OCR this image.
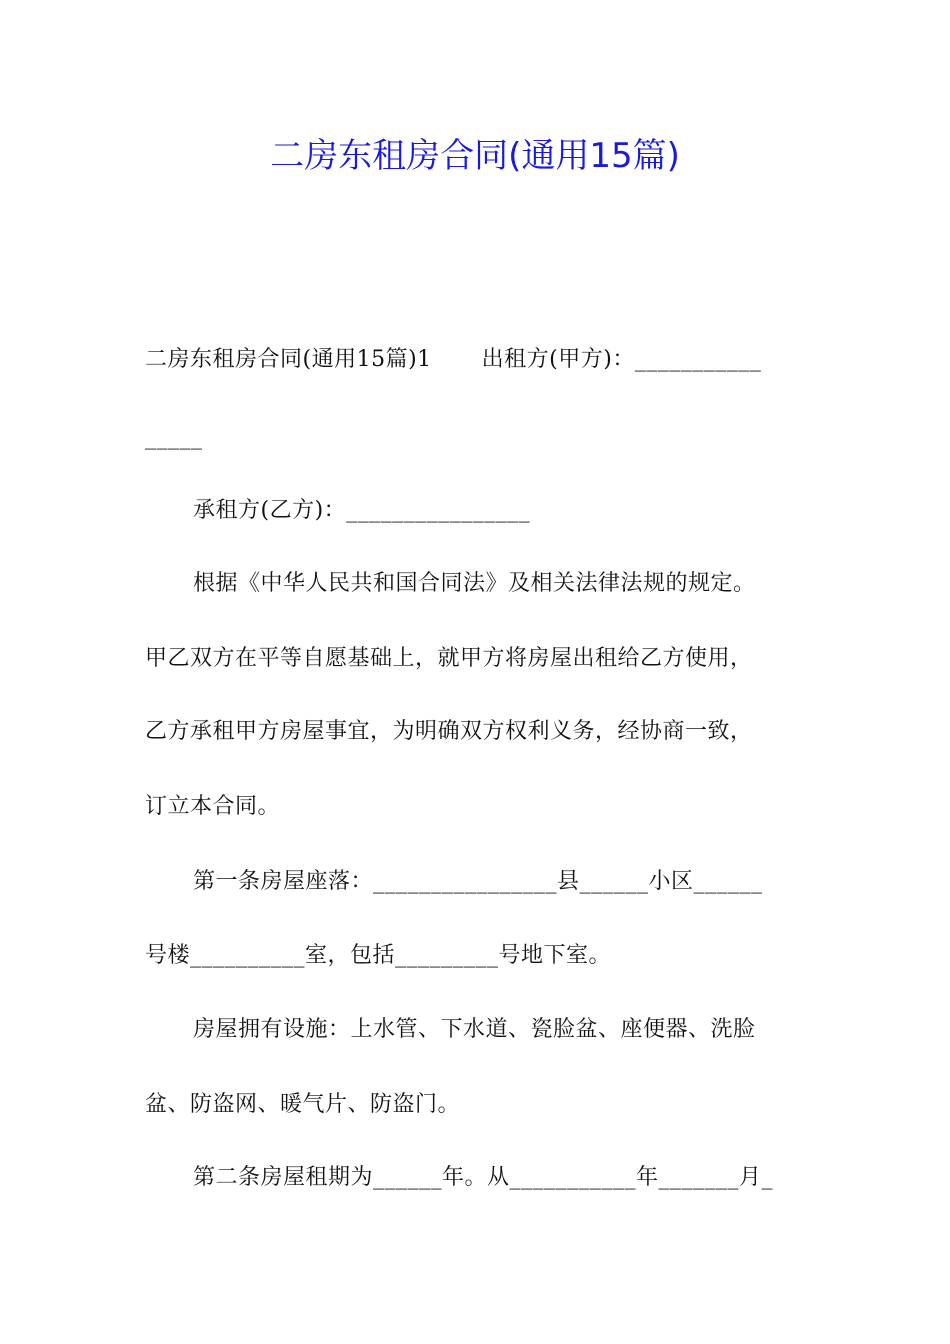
二房东租房合同(通用15篇)
二房东租房合同(通用15篇)1 出租方(甲方)：___________
_____
承租方(乙方)：________________
根据《中华人民共和国合同法》及相关法律法规的规定。
甲乙双方在平等自愿基础上，就甲方将房屋出租给乙方使用，
乙方承租甲方房屋事宜，为明确双方权利义务，经协商一致，
订立本合同。
第一条房屋座落：________________县______小区______
号楼__________室，包括_________号地下室。
房屋拥有设施：上水管、下水道、瓷脸盆、座便器、洗脸
盆、防盗网、暖气片、防盗门。
第二条房屋租期为______年。从___________年_______月_
